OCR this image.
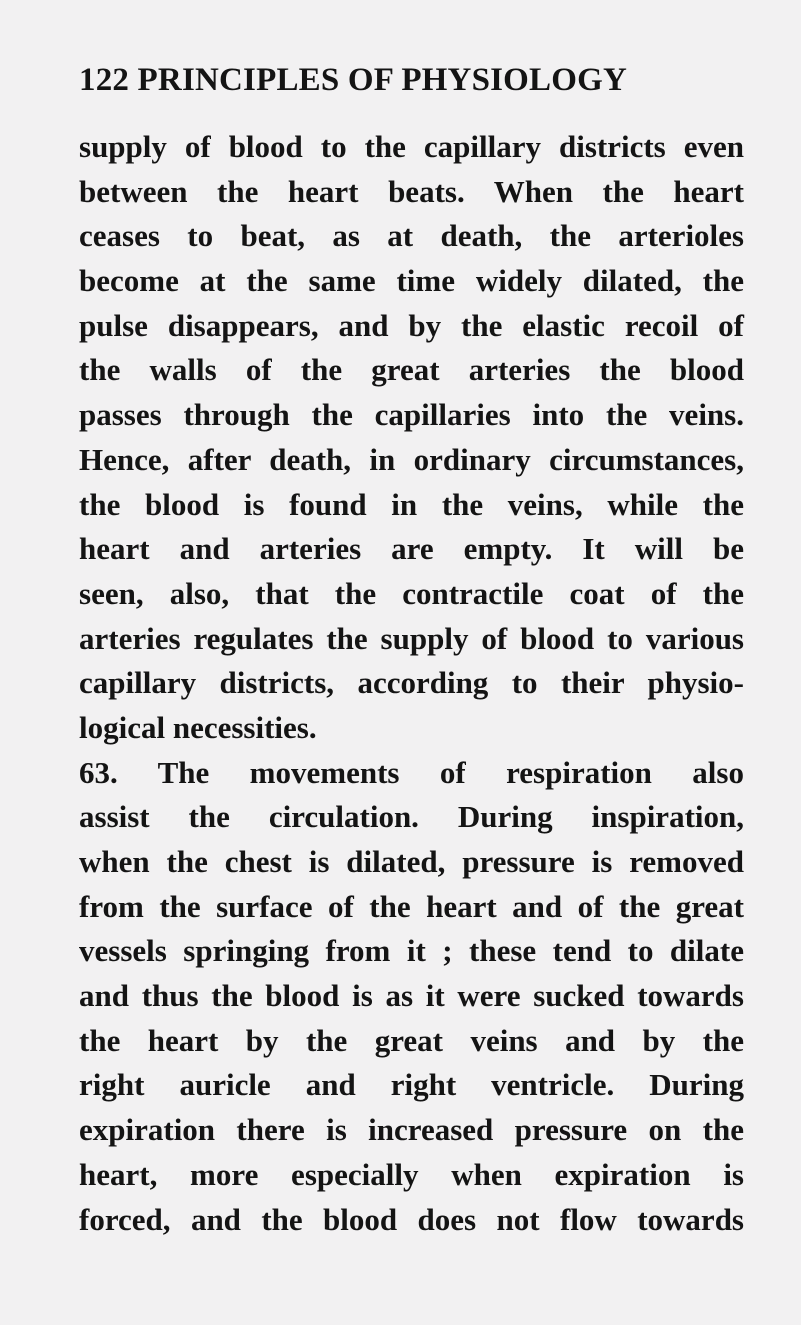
122 PRINCIPLES OF PHYSIOLOGY
supply of blood to the capillary districts even
between the heart beats. When the heart
ceases to beat, as at death, the arterioles
become at the same time widely dilated, the
pulse disappears, and by the elastic recoil of
the walls of the great arteries the blood
passes through the capillaries into the veins.
Hence, after death, in ordinary circumstances,
the blood is found in the veins, while the
heart and arteries are empty. It will be
seen, also, that the contractile coat of the
arteries regulates the supply of blood to various
capillary districts, according to their physio-
logical necessities.
63. The movements of respiration also
assist the circulation. During inspiration,
when the chest is dilated, pressure is removed
from the surface of the heart and of the great
vessels springing from it ; these tend to dilate
and thus the blood is as it were sucked towards
the heart by the great veins and by the
right auricle and right ventricle. During
expiration there is increased pressure on the
heart, more especially when expiration is
forced, and the blood does not flow towards
